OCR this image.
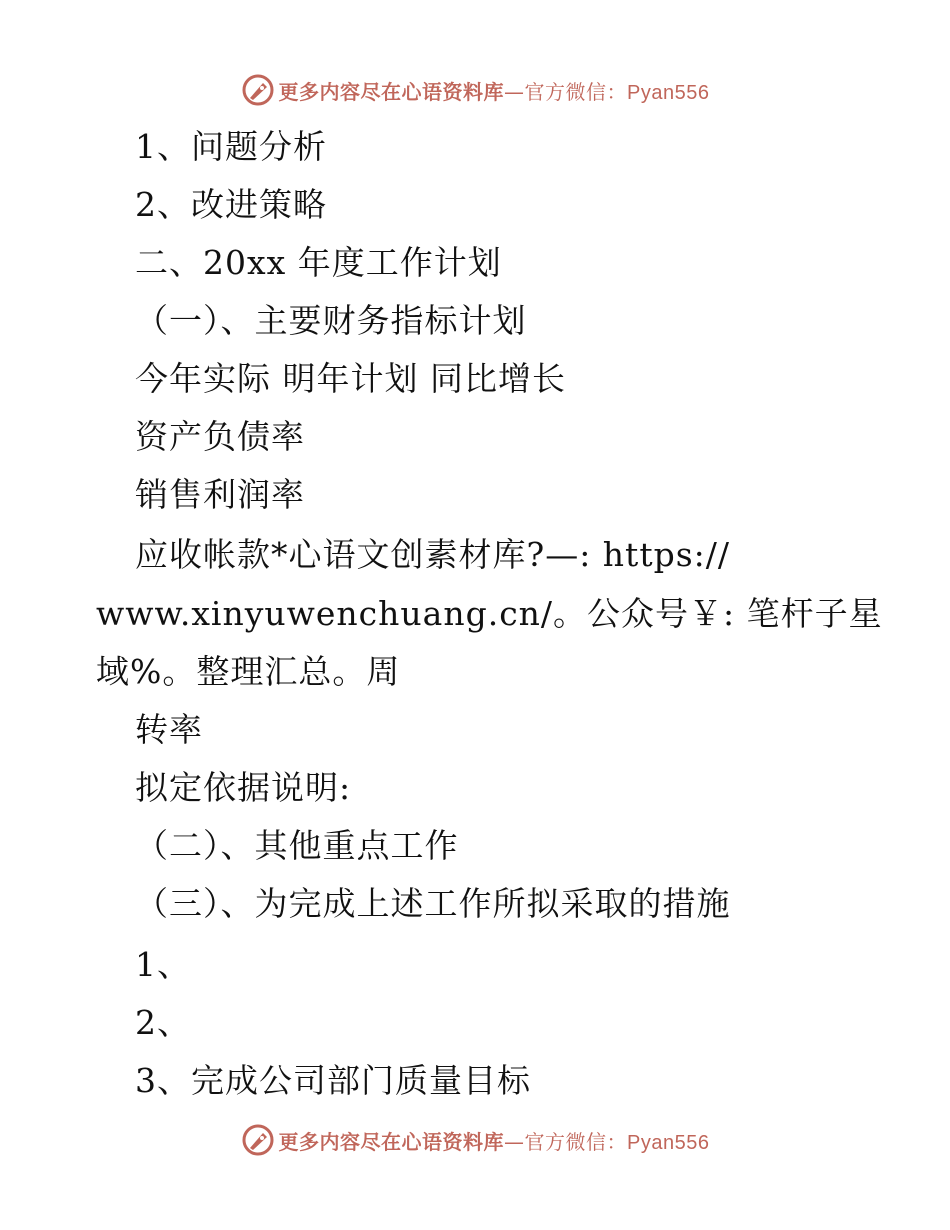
更多内容尽在心语资料库—官方微信：Pyan556
1、问题分析
2、改进策略
二、20xx 年度工作计划
（一）、主要财务指标计划
今年实际 明年计划 同比增长
资产负债率
销售利润率
应收帐款*心语文创素材库?—: https://
www.xinyuwenchuang.cn/。公众号￥: 笔杆子星
域%。整理汇总。周
转率
拟定依据说明:
（二）、其他重点工作
（三）、为完成上述工作所拟采取的措施
1、
2、
3、完成公司部门质量目标
更多内容尽在心语资料库—官方微信：Pyan556
